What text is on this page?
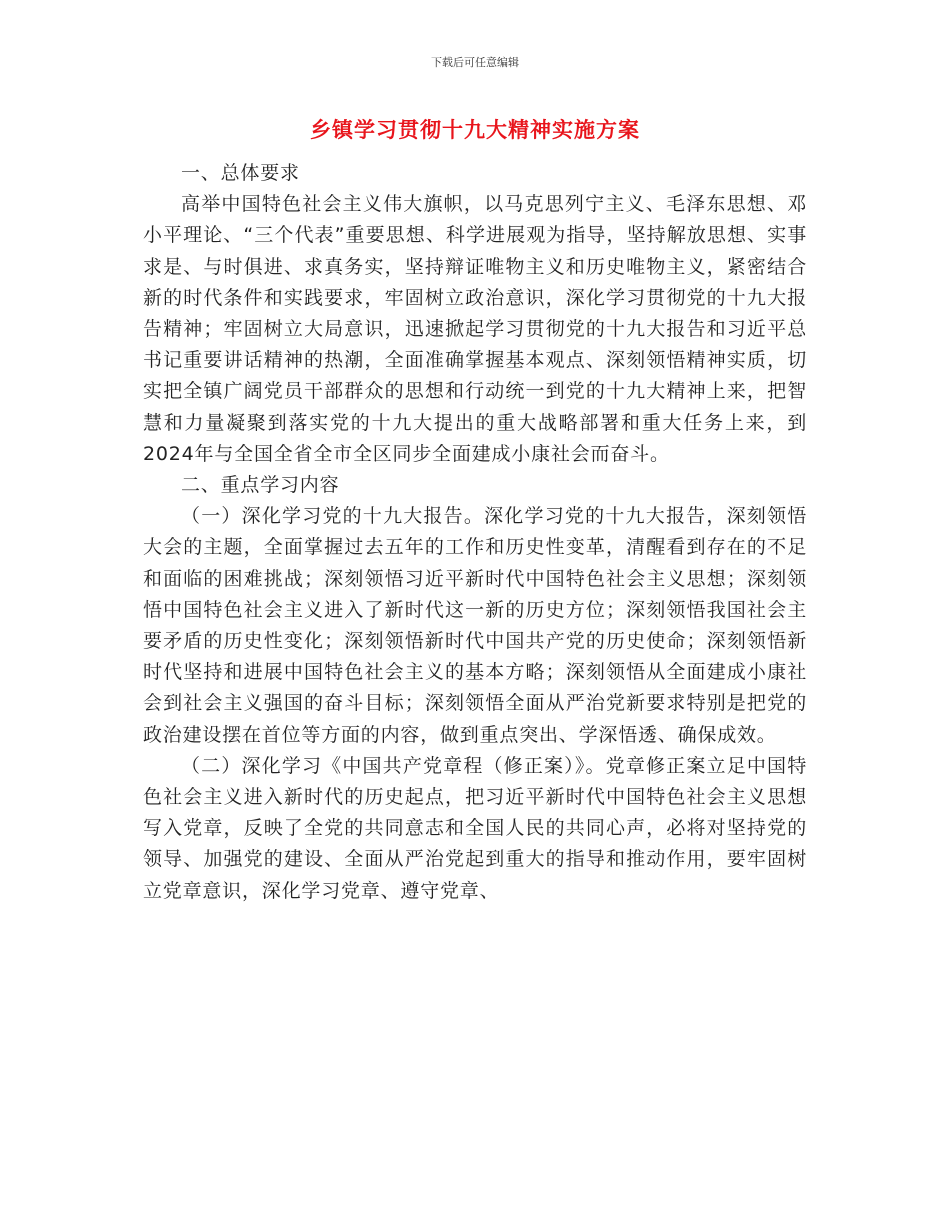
下载后可任意编辑
乡镇学习贯彻十九大精神实施方案

一、总体要求

高举中国特色社会主义伟大旗帜，以马克思列宁主义、毛泽东思想、邓小平理论、“三个代表”重要思想、科学进展观为指导，坚持解放思想、实事求是、与时俱进、求真务实，坚持辩证唯物主义和历史唯物主义，紧密结合新的时代条件和实践要求，牢固树立政治意识，深化学习贯彻党的十九大报告精神；牢固树立大局意识，迅速掀起学习贯彻党的十九大报告和习近平总书记重要讲话精神的热潮，全面准确掌握基本观点、深刻领悟精神实质，切实把全镇广阔党员干部群众的思想和行动统一到党的十九大精神上来，把智慧和力量凝聚到落实党的十九大提出的重大战略部署和重大任务上来，到2024年与全国全省全市全区同步全面建成小康社会而奋斗。

二、重点学习内容

（一）深化学习党的十九大报告。深化学习党的十九大报告，深刻领悟大会的主题，全面掌握过去五年的工作和历史性变革，清醒看到存在的不足和面临的困难挑战；深刻领悟习近平新时代中国特色社会主义思想；深刻领悟中国特色社会主义进入了新时代这一新的历史方位；深刻领悟我国社会主要矛盾的历史性变化；深刻领悟新时代中国共产党的历史使命；深刻领悟新时代坚持和进展中国特色社会主义的基本方略；深刻领悟从全面建成小康社会到社会主义强国的奋斗目标；深刻领悟全面从严治党新要求特别是把党的政治建设摆在首位等方面的内容，做到重点突出、学深悟透、确保成效。

（二）深化学习《中国共产党章程（修正案）》。党章修正案立足中国特色社会主义进入新时代的历史起点，把习近平新时代中国特色社会主义思想写入党章，反映了全党的共同意志和全国人民的共同心声，必将对坚持党的领导、加强党的建设、全面从严治党起到重大的指导和推动作用，要牢固树立党章意识，深化学习党章、遵守党章、
